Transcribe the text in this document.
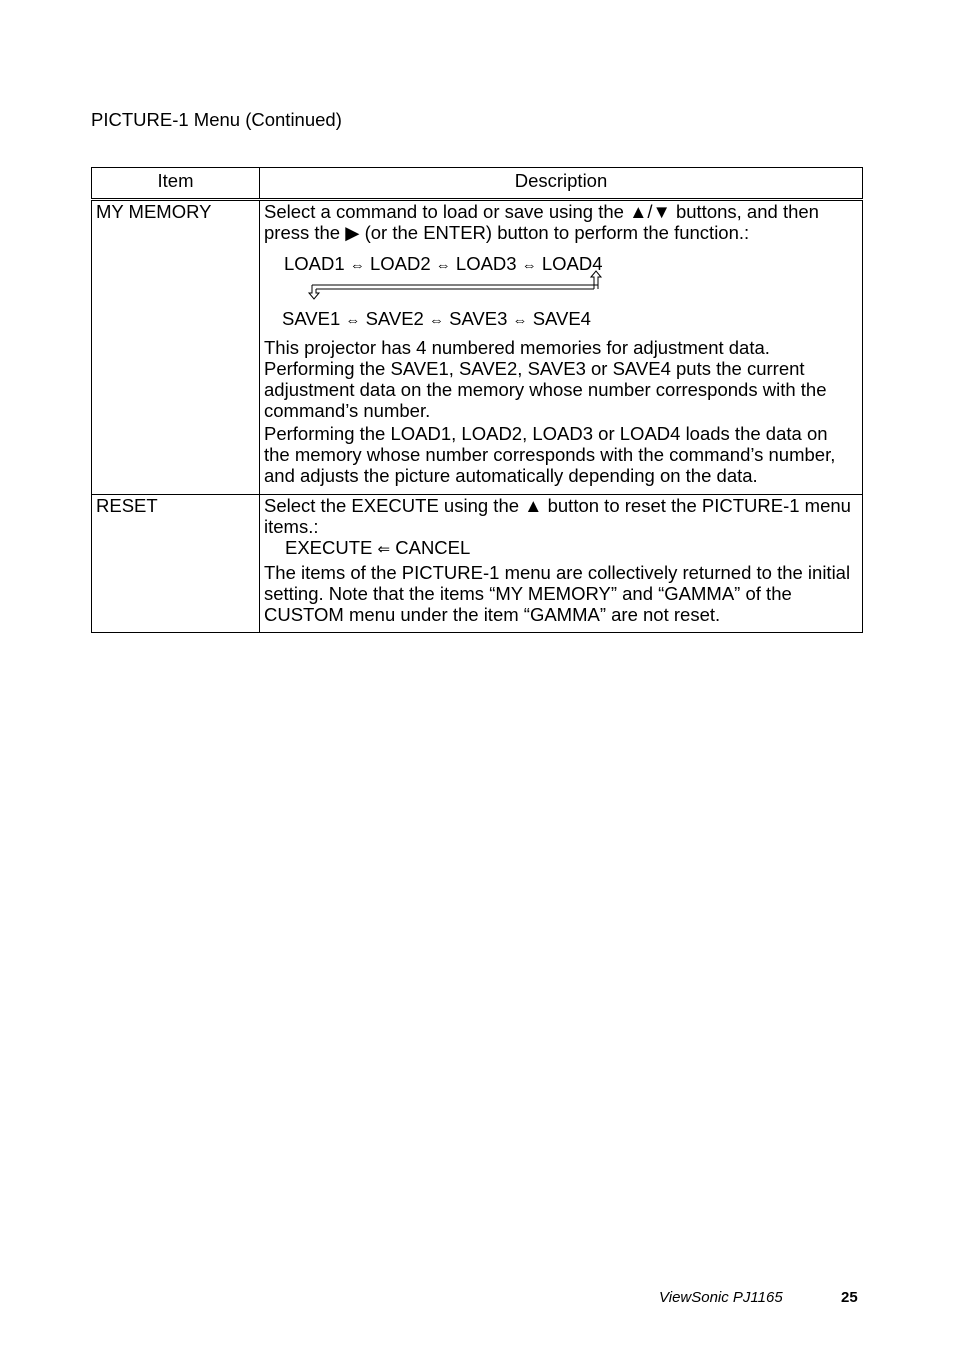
PICTURE-1 Menu (Continued)
Item	Description
MY MEMORY	Select a command to load or save using the ▲/▼ buttons, and then press the ▶ (or the ENTER) button to perform the function.:

LOAD1 ⇔ LOAD2 ⇔ LOAD3 ⇔ LOAD4
SAVE1 ⇔ SAVE2 ⇔ SAVE3 ⇔ SAVE4

This projector has 4 numbered memories for adjustment data. Performing the SAVE1, SAVE2, SAVE3 or SAVE4 puts the current adjustment data on the memory whose number corresponds with the command’s number.

Performing the LOAD1, LOAD2, LOAD3 or LOAD4 loads the data on the memory whose number corresponds with the command’s number, and adjusts the picture automatically depending on the data.

RESET	Select the EXECUTE using the ▲ button to reset the PICTURE-1 menu items.:

EXECUTE ⇐ CANCEL

The items of the PICTURE-1 menu are collectively returned to the initial setting. Note that the items “MY MEMORY” and “GAMMA” of the CUSTOM menu under the item “GAMMA” are not reset.

ViewSonic PJ1165	25
